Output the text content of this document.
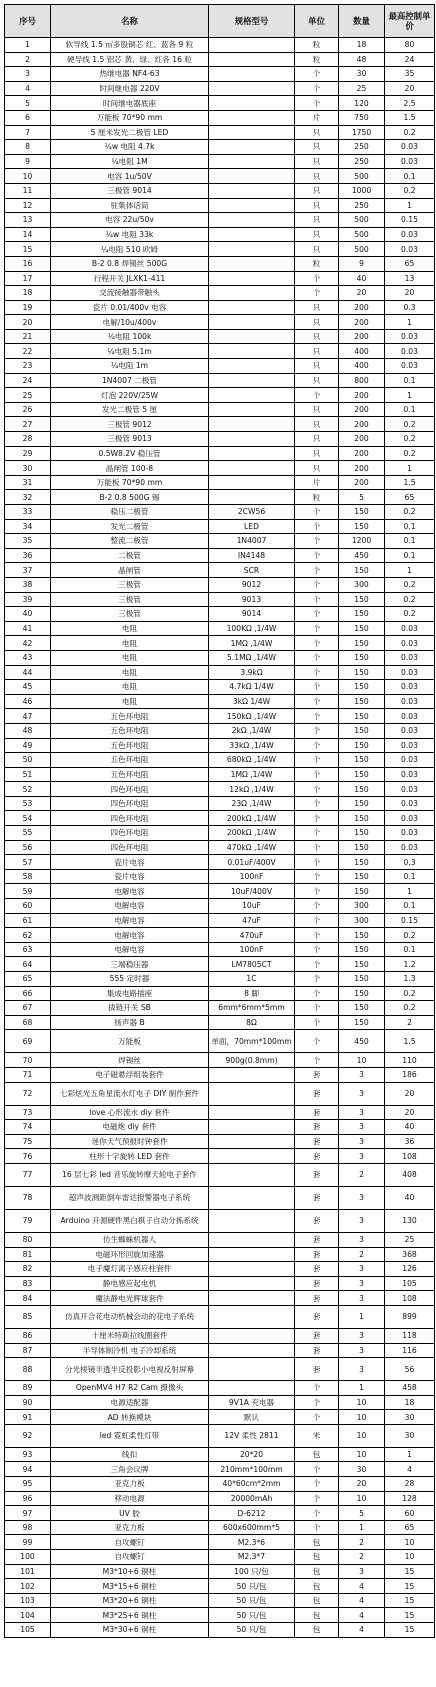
序号	名称	规格型号	单位	数量	最高控制单价
1	软导线 1.5 ㎡多股铜芯 红、蓝各 9 粒		粒	18	80
2	硬导线 1.5 铝芯 黄、绿、红各 16 粒		粒	48	24
3	热继电器 NF4-63		个	30	35
4	时间继电器 220V		个	25	20
5	时间继电器底座		个	120	2.5
6	万能板 70*90 mm		片	750	1.5
7	5 厘米发光二极管 LED		只	1750	0.2
8	¼w 电阻 4.7k		只	250	0.03
9	¼电阻 1M		只	250	0.03
10	电容 1u/50V		只	500	0.1
11	三极管 9014		只	1000	0.2
12	驻集体话筒		只	250	1
13	电容 22u/50v		只	500	0.15
14	¼w 电阻 33k		只	500	0.03
15	¼电阻 510 欧姆		只	500	0.03
16	B-2 0.8 焊锡丝 500G		粒	9	65
17	行程开关 JLXK1-411		个	40	13
18	交流接触器带触头		个	20	20
19	瓷片 0.01/400v 电容		只	200	0.3
20	电解/10u/400v		只	200	1
21	¼电阻 100k		只	200	0.03
22	¼电阻 5.1m		只	400	0.03
23	¼电阻 1m		只	400	0.03
24	1N4007 二极管		只	800	0.1
25	灯泡 220V/25W		个	200	1
26	发光二极管 5 厘		只	200	0.1
27	三极管 9012		只	200	0.2
28	三极管 9013		只	200	0.2
29	0.5W8.2V 稳压管		只	200	0.2
30	晶闸管 100-8		只	200	1
31	万能板 70*90 mm		片	200	1.5
32	B-2 0.8 500G 锡		粒	5	65
33	稳压二极管	2CW56	个	150	0.2
34	发光二极管	LED	个	150	0.1
35	整流二极管	1N4007	个	1200	0.1
36	二极管	IN4148	个	450	0.1
37	晶闸管	SCR	个	150	1
38	三极管	9012	个	300	0.2
39	三极管	9013	个	150	0.2
40	三极管	9014	个	150	0.2
41	电阻	100KΩ ,1/4W	个	150	0.03
42	电阻	1MΩ ,1/4W	个	150	0.03
43	电阻	5.1MΩ ,1/4W	个	150	0.03
44	电阻	3.9kΩ	个	150	0.03
45	电阻	4.7kΩ 1/4W	个	150	0.03
46	电阻	3kΩ 1/4W	个	150	0.03
47	五色环电阻	150kΩ ,1/4W	个	150	0.03
48	五色环电阻	2kΩ ,1/4W	个	150	0.03
49	五色环电阻	33kΩ ,1/4W	个	150	0.03
50	五色环电阻	680kΩ ,1/4W	个	150	0.03
51	五色环电阻	1MΩ ,1/4W	个	150	0.03
52	四色环电阻	12kΩ ,1/4W	个	150	0.03
53	四色环电阻	23Ω ,1/4W	个	150	0.03
54	四色环电阻	200kΩ ,1/4W	个	150	0.03
55	四色环电阻	200kΩ ,1/4W	个	150	0.03
56	四色环电阻	470kΩ ,1/4W	个	150	0.03
57	瓷片电容	0.01uF/400V	个	150	0.3
58	瓷片电容	100nF	个	150	0.1
59	电解电容	10uF/400V	个	150	1
60	电解电容	10uF	个	300	0.1
61	电解电容	47uF	个	300	0.15
62	电解电容	470uF	个	150	0.2
63	电解电容	100nF	个	150	0.1
64	三端稳压器	LM7805CT	个	150	1.2
65	555 定时器	1C	个	150	1.3
66	集成电路插座	8 脚	个	150	0.2
67	拔链开关 SB	6mm*6mm*5mm	个	150	0.2
68	扬声器 B	8Ω	个	150	2
69	万能板	单面，70mm*100mm	个	450	1.5
70	焊锡丝	900g(0.8mm)	个	10	110
71	电子磁悬浮组装套件		套	3	186
72	七彩炫光五角星流水灯电子 DIY 制作套件		套	3	20
73	love 心形流水 diy 套件		套	3	20
74	电磁炮 diy 套件		套	3	40
75	迷你天气预报时钟套件		套	3	36
76	柱形十字旋转 LED 套件		套	3	108
77	16 层七彩 led 音乐旋转摩天轮电子套件		套	2	408
78	超声波测距倒车雷达报警器电子系统		套	3	40
79	Arduino 开源硬件黑白棋子自动分拣系统		套	3	130
80	仿生蜘蛛机器人		套	3	25
81	电磁环形回旋加速器		套	2	368
82	电子魔灯离子感应柱套件		套	3	126
83	静电感应起电机		套	3	105
84	魔法静电光辉球套件		套	3	108
85	仿真开合花电动机械会动的花电子系统		套	1	899
86	十厘米特斯拉线圈套件		套	3	118
87	半导体制冷机 电子冷却系统		套	3	116
88	分光棱镜半透半反投影小电视反射屏幕		套	3	56
89	OpenMV4 H7 R2 Cam 摄像头		个	1	458
90	电源适配器	9V1A 充电器	个	10	18
91	AD 转换模块	默认	个	10	30
92	led 霓虹柔性灯带	12V 柔性 2811	米	10	30
93	线扣	20*20	包	10	1
94	三角会议牌	210mm*100mm	个	30	4
95	亚克力板	40*60cm*2mm	个	20	28
96	移动电源	20000mAh	个	10	128
97	UV 胶	D-6212	个	5	60
98	亚克力板	600x600mm*5	个	1	65
99	自攻螺钉	M2.3*6	包	2	10
100	自攻螺钉	M2.3*7	包	2	10
101	M3*10+6 铜柱	100 只/包	包	3	15
102	M3*15+6 铜柱	50 只/包	包	4	15
103	M3*20+6 铜柱	50 只/包	包	4	15
104	M3*25+6 铜柱	50 只/包	包	4	15
105	M3*30+6 铜柱	50 只/包	包	4	15
